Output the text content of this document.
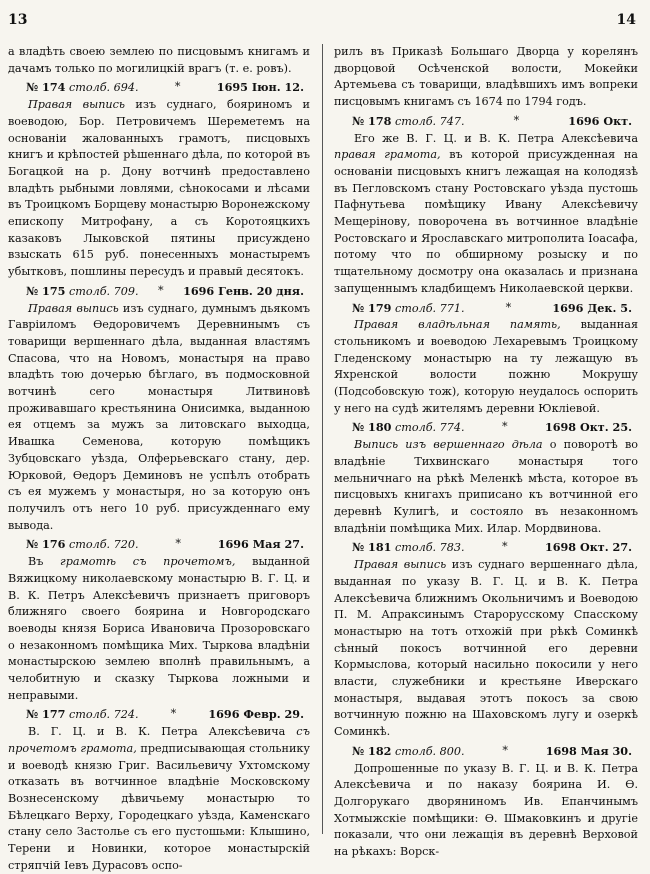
13	14

а владѣть своею землею по писцовымъ книгамъ и дачамъ только по могилицкій врагъ (т. е. ровъ).

№ 174 столб. 694.	*	1695 Іюн. 12.

Правая выпись изъ суднаго, бояриномъ и воеводою, Бор. Петровичемъ Шереметемъ на основаніи жалованныхъ грамотъ, писцовыхъ книгъ и крѣпостей рѣшеннаго дѣла, по которой въ Богацкой на р. Дону вотчинѣ предоставлено владѣть рыбными ловлями, сѣнокосами и лѣсами въ Троицкомъ Борщеву монастырю Воронежскому епископу Митрофану, а съ Коротояцкихъ казаковъ Лыковской пятины присуждено взыскать 615 руб. понесенныхъ монастыремъ убытковъ, пошлины пересудъ и правый десятокъ.

№ 175 столб. 709. * 1696 Генв. 20 дня.

Правая выпись изъ суднаго, думнымъ дьякомъ Гавріиломъ Өедоровичемъ Деревнинымъ съ товарищи вершеннаго дѣла, выданная властямъ Спасова, что на Новомъ, монастыря на право владѣть тою дочерью бѣглаго, въ подмосковной вотчинѣ сего монастыря Литвиновѣ проживавшаго крестьянина Онисимка, выданною ея отцемъ за мужъ за литовскаго выходца, Ивашка Семенова, которую помѣщикъ Зубцовскаго уѣзда, Олферьевскаго стану, дер. Юрковой, Өедоръ Деминовъ не успѣлъ отобрать съ ея мужемъ у монастыря, но за которую онъ получилъ отъ него 10 руб. присужденнаго ему вывода.

№ 176 столб. 720.	*	1696 Мая 27.

Въ грамотѣ съ прочетомъ, выданной Вяжицкому николаевскому монастырю В. Г. Ц. и В. К. Петръ Алексѣевичъ признаетъ приговоръ ближняго своего боярина и Новгородскаго воеводы князя Бориса Ивановича Прозоровскаго о незаконномъ помѣщика Мих. Тыркова владѣніи монастырскою землею вполнѣ правильнымъ, а челобитную и сказку Тыркова ложными и неправыми.

№ 177 столб. 724.	*	1696 Февр. 29.

В. Г. Ц. и В. К. Петра Алексѣевича съ прочетомъ грамота, предписывающая стольнику и воеводѣ князю Григ. Васильевичу Ухтомскому отказать въ вотчинное владѣніе Московскому Вознесенскому дѣвичьему монастырю то Бѣлецкаго Верху, Городецкаго уѣзда, Каменскаго стану село Застолье съ его пустошьми: Клышино, Терени и Новинки, которое монастырскій стряпчій Іевъ Дурасовъ оспо-

рилъ въ Приказѣ Большаго Дворца у корелянъ дворцовой Осѣченской волости, Мокейки Артемьева съ товарищи, владѣвшихъ имъ вопреки писцовымъ книгамъ съ 1674 по 1794 годъ.

№ 178 столб. 747.	*	1696 Окт.

Его же В. Г. Ц. и В. К. Петра Алексѣевича правая грамота, въ которой присужденная на основаніи писцовыхъ книгъ лежащая на колодязѣ въ Пегловскомъ стану Ростовскаго уѣзда пустошь Пафнутьева помѣщику Ивану Алексѣевичу Мещерінову, поворочена въ вотчинное владѣніе Ростовскаго и Ярославскаго митрополита Іоасафа, потому что по обширному розыску и по тщательному досмотру она оказалась и признана запущеннымъ кладбищемъ Николаевской церкви.

№ 179 столб. 771.	*	1696 Дек. 5.

Правая владѣльная память, выданная стольникомъ и воеводою Лехаревымъ Троицкому Гледенскому монастырю на ту лежащую въ Яхренской волости пожню Мокрушу (Подсобовскую тож), которую неудалось оспорить у него на судѣ жителямъ деревни Юкліевой.

№ 180 столб. 774.	*	1698 Окт. 25.

Выпись изъ вершеннаго дѣла о поворотѣ во владѣніе Тихвинскаго монастыря того мельничнаго на рѣкѣ Меленкѣ мѣста, которое въ писцовыхъ книгахъ приписано къ вотчинной его деревнѣ Кулигѣ, и состояло въ незаконномъ владѣніи помѣщика Мих. Илар. Мордвинова.

№ 181 столб. 783.	*	1698 Окт. 27.

Правая выпись изъ суднаго вершеннаго дѣла, выданная по указу В. Г. Ц. и В. К. Петра Алексѣевича ближнимъ Окольничимъ и Воеводою П. М. Апраксинымъ Старорусскому Спасскому монастырю на тотъ отхожій при рѣкѣ Соминкѣ сѣнный покосъ вотчинной его деревни Кормысловa, который насильно покосили у него власти, служебники и крестьяне Иверскаго монастыря, выдавая этотъ покосъ за свою вотчинную пожню на Шаховскомъ лугу и озеркѣ Соминкѣ.

№ 182 столб. 800.	*	1698 Мая 30.

Допрошенные по указу В. Г. Ц. и В. К. Петра Алексѣевича и по наказу боярина И. Ө. Долгорукаго дворяниномъ Ив. Епанчинымъ Хотмыжскіе помѣщики: Ө. Шмаковкинъ и другіе показали, что они лежащія въ деревнѣ Верховой на рѣкахъ: Ворск-
